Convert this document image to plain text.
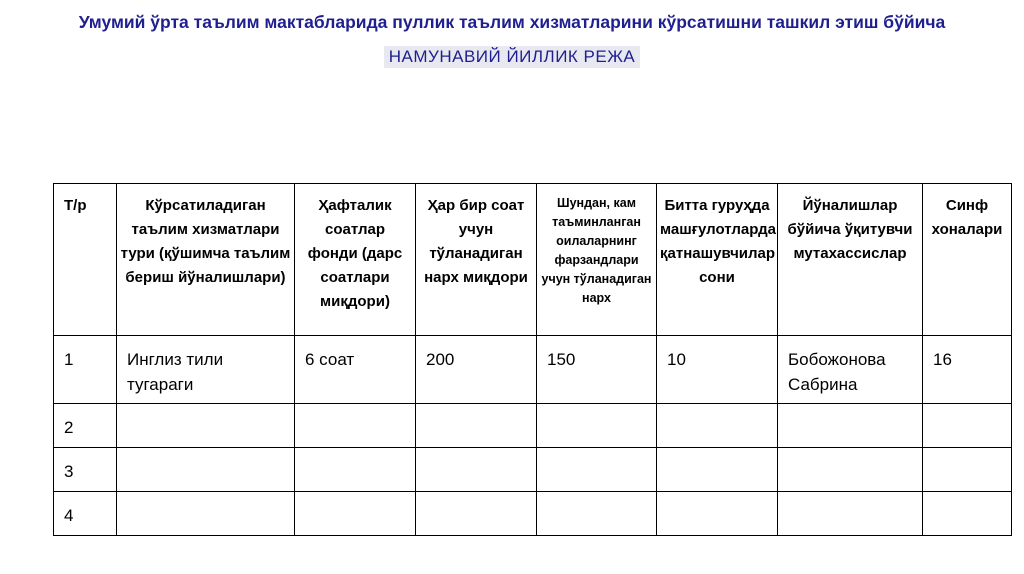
Умумий ўрта таълим мактабларида пуллик таълим хизматларини кўрсатишни ташкил этиш бўйича
НАМУНАВИЙ ЙИЛЛИК РЕЖА
Т/р	Кўрсатиладиган таълим хизматлари тури (қўшимча таълим бериш йўналишлари)	Ҳафталик соатлар фонди (дарс соатлари миқдори)	Ҳар бир соат учун тўланадиган нарх миқдори	Шундан, кам таъминланган оилаларнинг фарзандлари учун тўланадиган нарх	Битта гуруҳда машғулотларда қатнашувчилар сони	Йўналишлар бўйича ўқитувчи мутахассислар	Синф хоналари
1	Инглиз тили тугараги	6 соат	200	150	10	Бобожонова Сабрина	16
2							
3							
4							
